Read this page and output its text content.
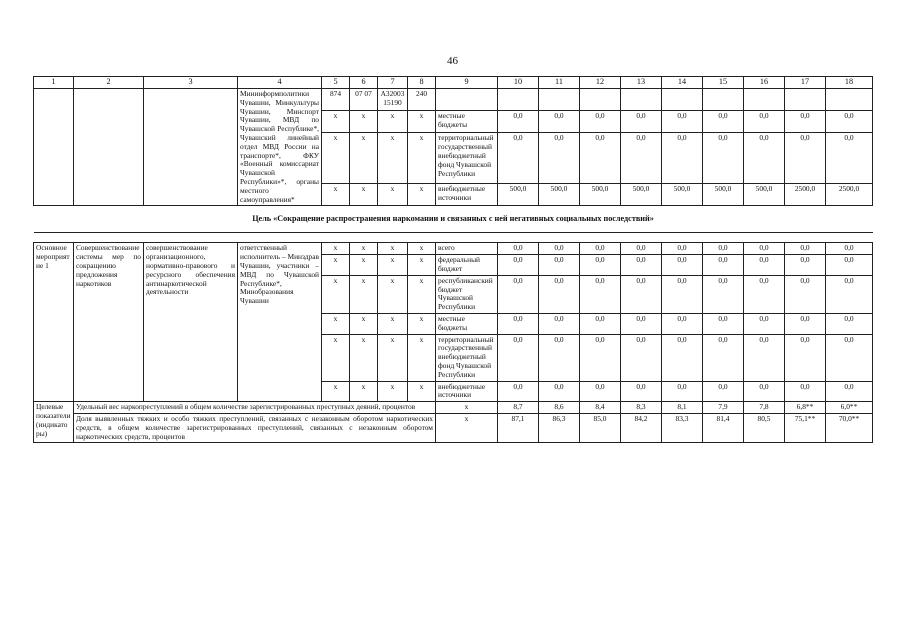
46
1	2	3	4	5	6	7	8	9	10	11	12	13	14	15	16	17	18
			Мининформполитики Чувашии, Минкультуры Чувашии, Минспорт Чувашии, МВД по Чувашской Республике*, Чувашский линейный отдел МВД России на транспорте*, ФКУ «Военный комиссариат Чувашской Республики»*, органы местного самоуправления*	874	07 07	А32003 15190	240										
				х	х	х	х	местные бюджеты	0,0	0,0	0,0	0,0	0,0	0,0	0,0	0,0	0,0
				х	х	х	х	территориальный государственный внебюджетный фонд Чувашской Республики	0,0	0,0	0,0	0,0	0,0	0,0	0,0	0,0	0,0
				х	х	х	х	внебюджетные источники	500,0	500,0	500,0	500,0	500,0	500,0	500,0	2500,0	2500,0
Цель «Сокращение распространения наркомании и связанных с ней негативных социальных последствий»																	

Основное мероприятие 1	Совершенствование системы мер по сокращению предложения наркотиков	совершенствование организационного, нормативно-правового и ресурсного обеспечения антинаркотической деятельности	ответственный исполнитель – Минздрав Чувашии, участники – МВД по Чувашской Республике*, Минобразования Чувашии	х	х	х	х	всего	0,0	0,0	0,0	0,0	0,0	0,0	0,0	0,0	0,0
				х	х	х	х	федеральный бюджет	0,0	0,0	0,0	0,0	0,0	0,0	0,0	0,0	0,0
				х	х	х	х	республиканский бюджет Чувашской Республики	0,0	0,0	0,0	0,0	0,0	0,0	0,0	0,0	0,0
				х	х	х	х	местные бюджеты	0,0	0,0	0,0	0,0	0,0	0,0	0,0	0,0	0,0
				х	х	х	х	территориальный государственный внебюджетный фонд Чувашской Республики	0,0	0,0	0,0	0,0	0,0	0,0	0,0	0,0	0,0
				х	х	х	х	внебюджетные источники	0,0	0,0	0,0	0,0	0,0	0,0	0,0	0,0	0,0
Целевые показатели (индикаторы)	Удельный вес наркопреступлений в общем количестве зарегистрированных преступных деяний, процентов							х	8,7	8,6	8,4	8,3	8,1	7,9	7,8	6,8**	6,0**
	Доля выявленных тяжких и особо тяжких преступлений, связанных с незаконным оборотом наркотических средств, в общем количестве зарегистрированных преступлений, связанных с незаконным оборотом наркотических средств, процентов							х	87,1	86,3	85,0	84,2	83,3	81,4	80,5	75,1**	70,0**
